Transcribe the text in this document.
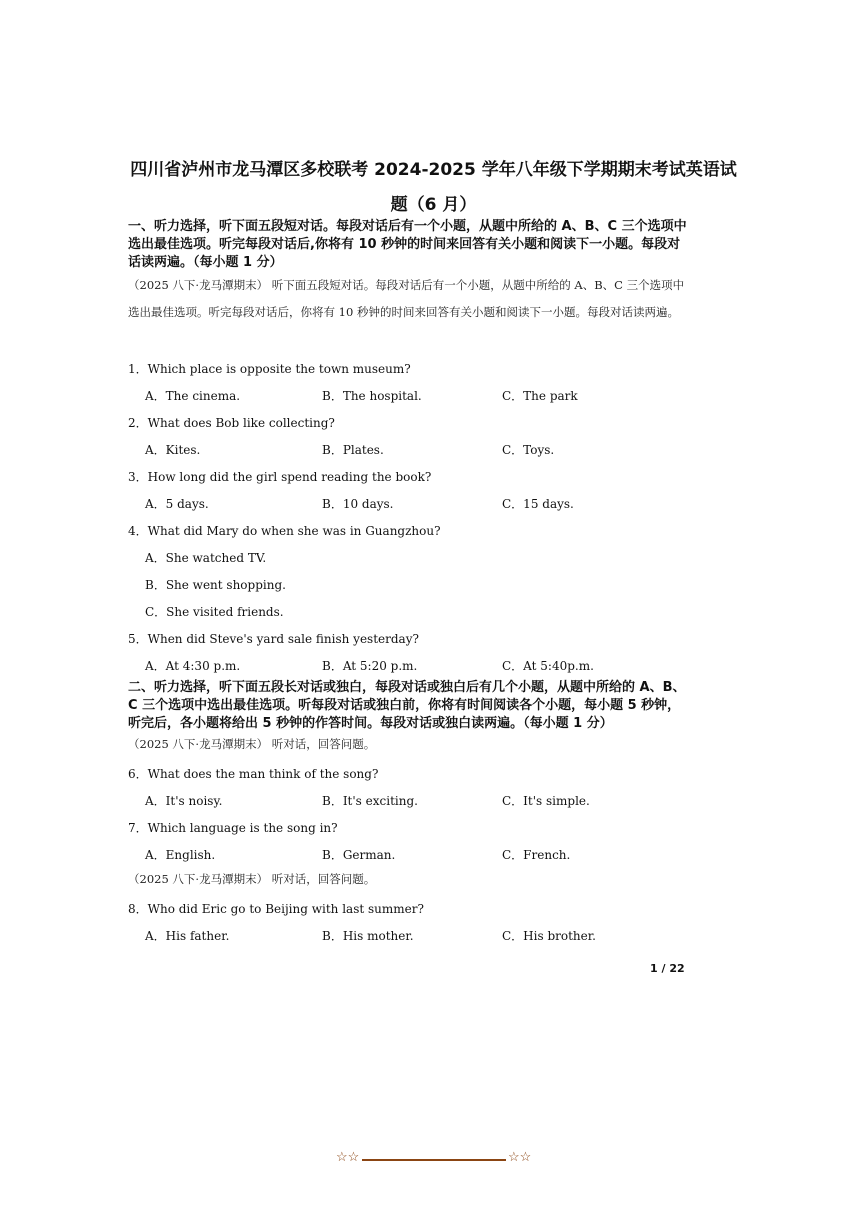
四川省泸州市龙马潭区多校联考 2024-2025 学年八年级下学期期末考试英语试
题（6 月）
一、听力选择，听下面五段短对话。每段对话后有一个小题，从题中所给的 A、B、C 三个选项中选出最佳选项。听完每段对话后,你将有 10 秒钟的时间来回答有关小题和阅读下一小题。每段对话读两遍。（每小题 1 分）
（2025 八下·龙马潭期末） 听下面五段短对话。每段对话后有一个小题，从题中所给的 A、B、C 三个选项中选出最佳选项。听完每段对话后，你将有 10 秒钟的时间来回答有关小题和阅读下一小题。每段对话读两遍。
1．Which place is opposite the town museum?
A．The cinema.	B．The hospital.	C．The park
2．What does Bob like collecting?
A．Kites.	B．Plates.	C．Toys.
3．How long did the girl spend reading the book?
A．5 days.	B．10 days.	C．15 days.
4．What did Mary do when she was in Guangzhou?
A．She watched TV.
B．She went shopping.
C．She visited friends.
5．When did Steve's yard sale finish yesterday?
A．At 4:30 p.m.	B．At 5:20 p.m.	C．At 5:40p.m.
二、听力选择，听下面五段长对话或独白，每段对话或独白后有几个小题，从题中所给的 A、B、C 三个选项中选出最佳选项。听每段对话或独白前，你将有时间阅读各个小题，每小题 5 秒钟，听完后，各小题将给出 5 秒钟的作答时间。每段对话或独白读两遍。（每小题 1 分）
（2025 八下·龙马潭期末） 听对话，回答问题。
6．What does the man think of the song?
A．It's noisy.	B．It's exciting.	C．It's simple.
7．Which language is the song in?
A．English.	B．German.	C．French.
（2025 八下·龙马潭期末） 听对话，回答问题。
8．Who did Eric go to Beijing with last summer?
A．His father.	B．His mother.	C．His brother.
1 / 22
☆☆	☆☆
